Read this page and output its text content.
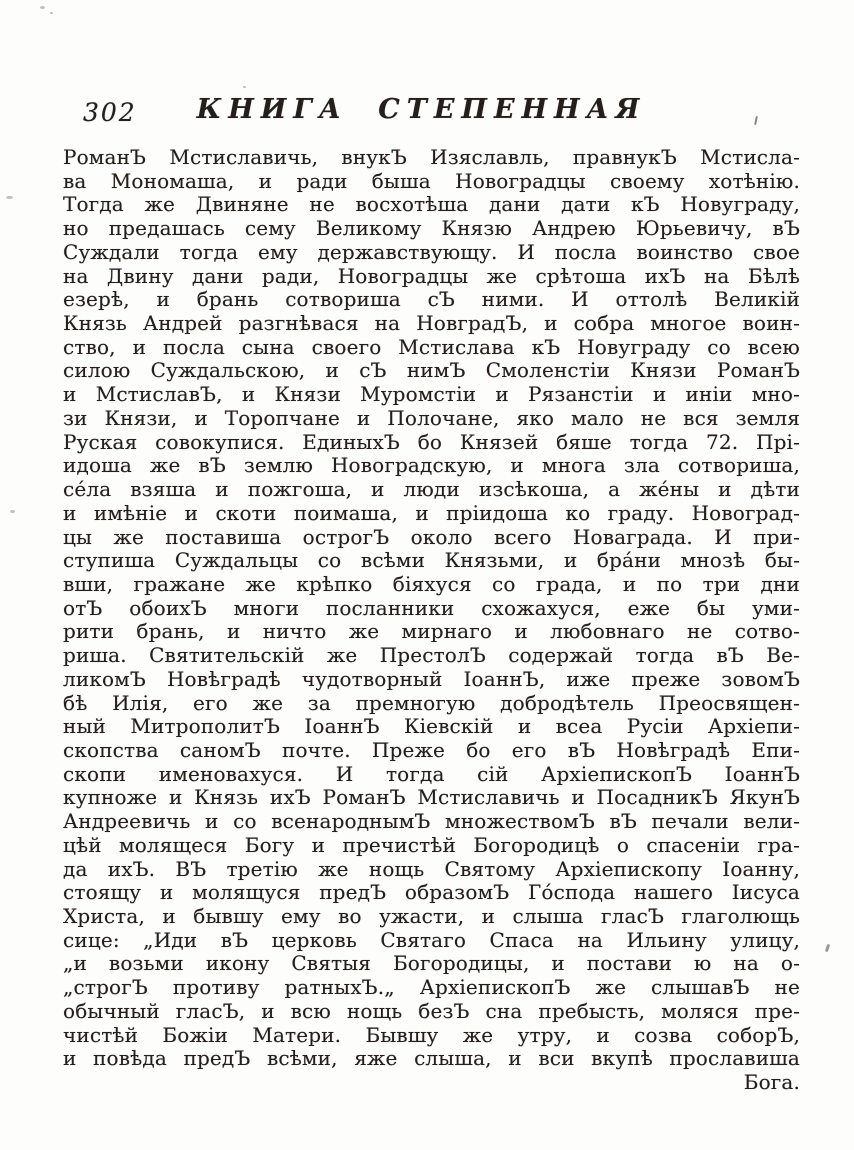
302	КНИГА СТЕПЕННАЯ
РоманЪ Мстиславичь, внукЪ Изяславль, правнукЪ Мстисла-
ва Мономаша, и ради быша Новоградцы своему хотѣнію.
Тогда же Двиняне не восхотѣша дани дати кЪ Новуграду,
но предашась сему Великому Князю Андрею Юрьевичу, вЪ
Суждали тогда ему державствующу. И посла воинство свое
на Двину дани ради, Новоградцы же срѣтоша ихЪ на Бѣлѣ
езерѣ, и брань сотвориша сЪ ними. И оттолѣ Великій
Князь Андрей разгнѣвася на НовградЪ, и собра многое воин-
ство, и посла сына своего Мстислава кЪ Новуграду со всею
силою Суждальскою, и сЪ нимЪ Смоленстіи Князи РоманЪ
и МстиславЪ, и Князи Муромстіи и Рязанстіи и иніи мно-
зи Князи, и Торопчане и Полочане, яко мало не вся земля
Руская совокупися. ЕдиныхЪ бо Князей бяше тогда 72. Прі-
идоша же вЪ землю Новоградскую, и многа зла сотвориша,
се́ла взяша и пожгоша, и люди изсѣкоша, а же́ны и дѣти
и имѣніе и скоти поимаша, и пріидоша ко граду. Новоград-
цы же поставиша острогЪ около всего Новаграда. И при-
ступиша Суждальцы со всѣми Князьми, и бра́ни мнозѣ бы-
вши, гражане же крѣпко біяхуся со града, и по три дни
отЪ обоихЪ многи посланники схожахуся, еже бы уми-
рити брань, и ничто же мирнаго и любовнаго не сотво-
риша. Святительскій же ПрестолЪ содержай тогда вЪ Ве-
ликомЪ Новѣградѣ чудотворный ІоаннЪ, иже преже зовомЪ
бѣ Илія, его же за премногую добродѣтель Преосвящен-
ный МитрополитЪ ІоаннЪ Кіевскій и всеа Русіи Архіепи-
скопства саномЪ почте. Преже бо его вЪ Новѣградѣ Епи-
скопи именовахуся. И тогда сій АрхіепископЪ ІоаннЪ
купноже и Князь ихЪ РоманЪ Мстиславичь и ПосадникЪ ЯкунЪ
Андреевичь и со всенароднымЪ множествомЪ вЪ печали вели-
цѣй молящеся Богу и пречистѣй Богородицѣ о спасеніи гра-
да ихЪ. ВЪ третію же нощь Святому Архіепископу Іоанну,
стоящу и молящуся предЪ образомЪ Го́спода нашего Іисуса
Христа, и бывшу ему во ужасти, и слыша гласЪ глаголющь
сице: „Иди вЪ церковь Святаго Спаса на Ильину улицу,
„и возьми икону Святыя Богородицы, и постави ю на о-
„строгЪ противу ратныхЪ.„ АрхіепископЪ же слышавЪ не
обычный гласЪ, и всю нощь безЪ сна пребысть, моляся пре-
чистѣй Божіи Матери. Бывшу же утру, и созва соборЪ,
и повѣда предЪ всѣми, яже слыша, и вси вкупѣ прославиша
Бога.
